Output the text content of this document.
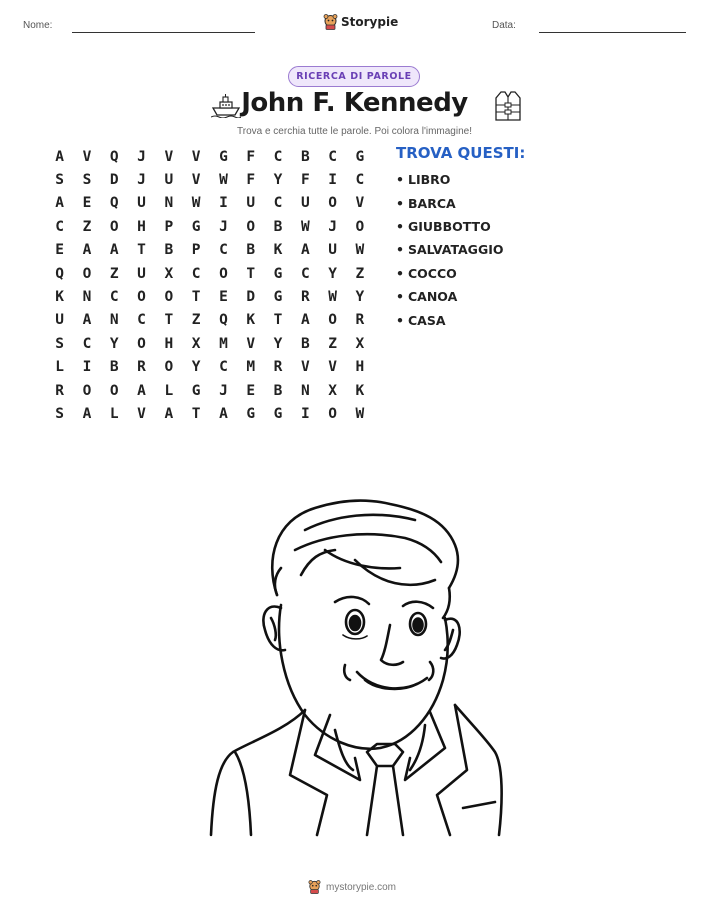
Nome:	Storypie	Data:
RICERCA DI PAROLE
John F. Kennedy
Trova e cerchia tutte le parole. Poi colora l'immagine!
A	V	Q	J	V	V	G	F	C	B	C	G
S	S	D	J	U	V	W	F	Y	F	I	C
A	E	Q	U	N	W	I	U	C	U	O	V
C	Z	O	H	P	G	J	O	B	W	J	O
E	A	A	T	B	P	C	B	K	A	U	W
Q	O	Z	U	X	C	O	T	G	C	Y	Z
K	N	C	O	O	T	E	D	G	R	W	Y
U	A	N	C	T	Z	Q	K	T	A	O	R
S	C	Y	O	H	X	M	V	Y	B	Z	X
L	I	B	R	O	Y	C	M	R	V	V	H
R	O	O	A	L	G	J	E	B	N	X	K
S	A	L	V	A	T	A	G	G	I	O	W
TROVA QUESTI:
• LIBRO
• BARCA
• GIUBBOTTO
• SALVATAGGIO
• COCCO
• CANOA
• CASA
mystorypie.com
